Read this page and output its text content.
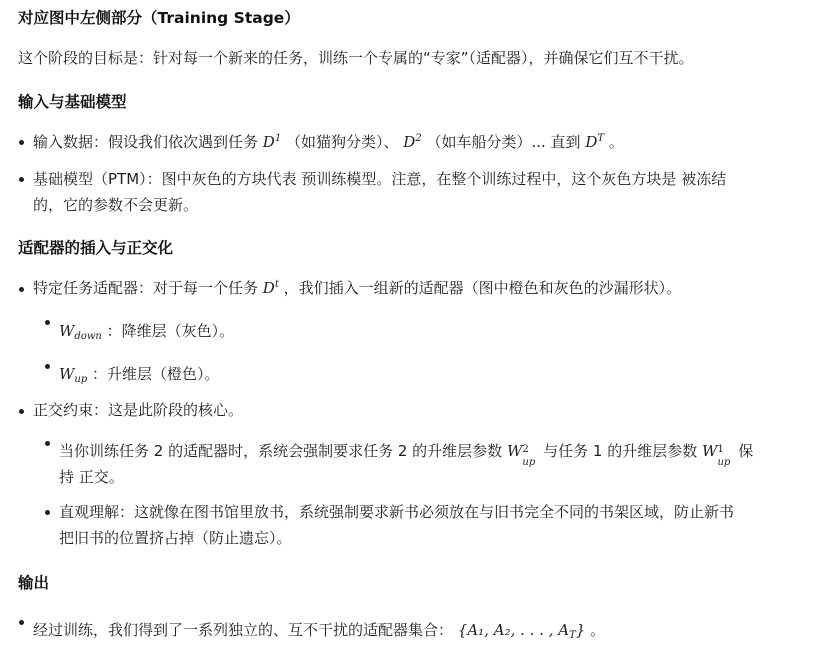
对应图中左侧部分（Training Stage）
这个阶段的目标是：针对每一个新来的任务，训练一个专属的“专家”（适配器），并确保它们互不干扰。
输入与基础模型
输入数据：假设我们依次遇到任务 $D^1$ （如猫狗分类）、 $D^2$ （如车船分类）... 直到 $D^T$ 。
基础模型（PTM）：图中灰色的方块代表 预训练模型。注意，在整个训练过程中，这个灰色方块是 被冻结
的，它的参数不会更新。
适配器的插入与正交化
特定任务适配器：对于每一个任务 $D^t$ ，我们插入一组新的适配器（图中橙色和灰色的沙漏形状）。
$W_{down}$ ：降维层（灰色）。
$W_{up}$ ：升维层（橙色）。
正交约束：这是此阶段的核心。
当你训练任务 2 的适配器时，系统会强制要求任务 2 的升维层参数 W 2
up
与任务 1 的升维层参数 W 1
up
保
持 正交。
直观理解：这就像在图书馆里放书，系统强制要求新书必须放在与旧书完全不同的书架区域，防止新书
把旧书的位置挤占掉（防止遗忘）。
输出
经过训练，我们得到了一系列独立的、互不干扰的适配器集合： {A₁, A₂, . . . , $A_T$} 。
